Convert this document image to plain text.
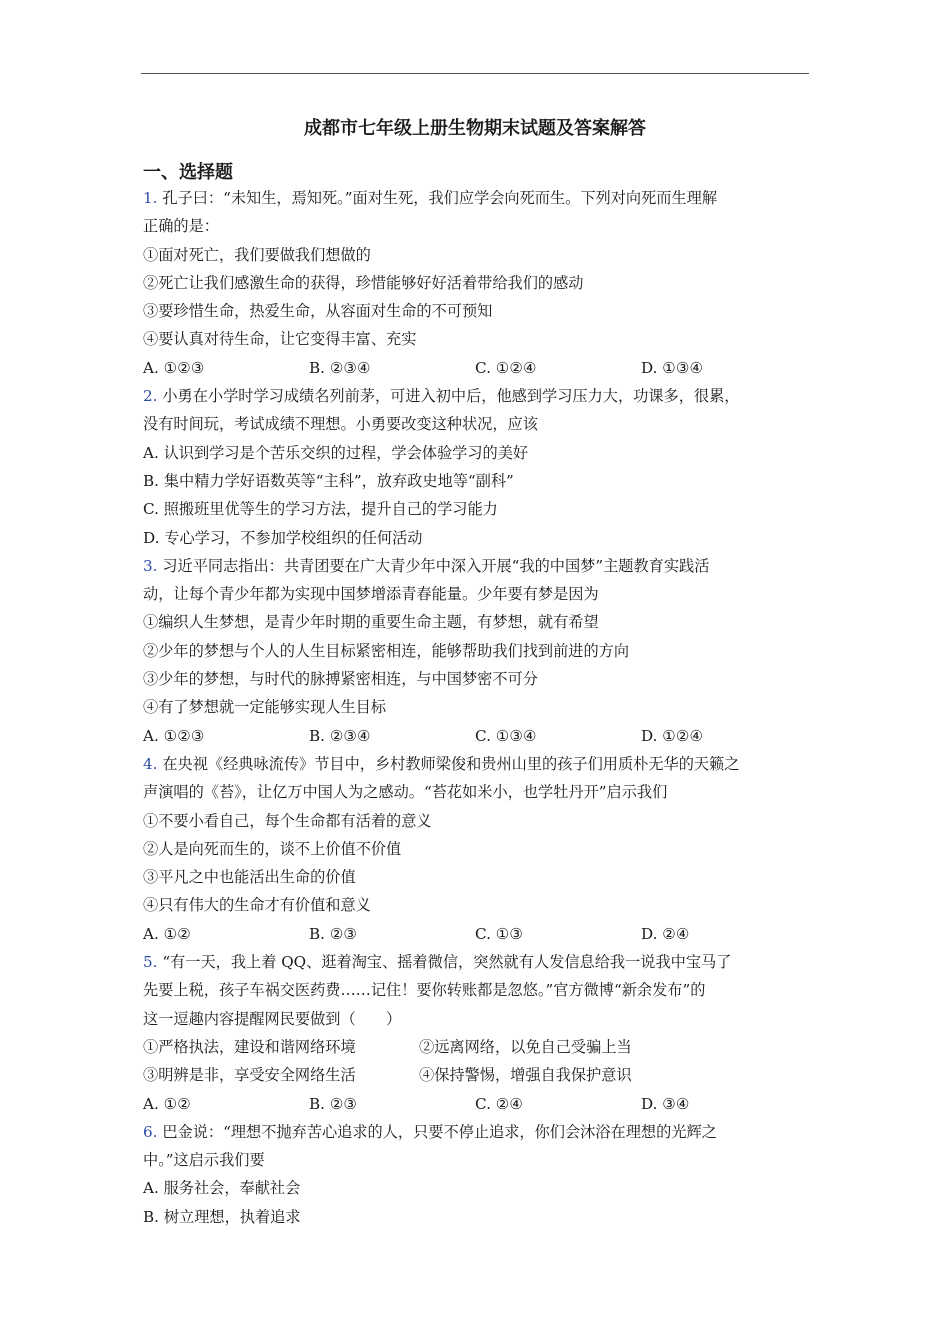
成都市七年级上册生物期末试题及答案解答
一、选择题
1. 孔子曰：“未知生，焉知死。”面对生死，我们应学会向死而生。下列对向死而生理解
正确的是：
①面对死亡，我们要做我们想做的
②死亡让我们感激生命的获得，珍惜能够好好活着带给我们的感动
③要珍惜生命，热爱生命，从容面对生命的不可预知
④要认真对待生命，让它变得丰富、充实
A. ①②③	B. ②③④	C. ①②④	D. ①③④
2. 小勇在小学时学习成绩名列前茅，可进入初中后，他感到学习压力大，功课多，很累，
没有时间玩，考试成绩不理想。小勇要改变这种状况，应该
A. 认识到学习是个苦乐交织的过程，学会体验学习的美好
B. 集中精力学好语数英等“主科”，放弃政史地等“副科”
C. 照搬班里优等生的学习方法，提升自己的学习能力
D. 专心学习，不参加学校组织的任何活动
3. 习近平同志指出：共青团要在广大青少年中深入开展“我的中国梦”主题教育实践活
动，让每个青少年都为实现中国梦增添青春能量。少年要有梦是因为
①编织人生梦想，是青少年时期的重要生命主题，有梦想，就有希望
②少年的梦想与个人的人生目标紧密相连，能够帮助我们找到前进的方向
③少年的梦想，与时代的脉搏紧密相连，与中国梦密不可分
④有了梦想就一定能够实现人生目标
A. ①②③	B. ②③④	C. ①③④	D. ①②④
4. 在央视《经典咏流传》节目中，乡村教师梁俊和贵州山里的孩子们用质朴无华的天籁之
声演唱的《苔》，让亿万中国人为之感动。“苔花如米小，也学牡丹开”启示我们
①不要小看自己，每个生命都有活着的意义
②人是向死而生的，谈不上价值不价值
③平凡之中也能活出生命的价值
④只有伟大的生命才有价值和意义
A. ①②	B. ②③	C. ①③	D. ②④
5. “有一天，我上着 QQ、逛着淘宝、摇着微信，突然就有人发信息给我一说我中宝马了
先要上税，孩子车祸交医药费……记住！要你转账都是忽悠。”官方微博“新余发布”的
这一逗趣内容提醒网民要做到（　　）
①严格执法，建设和谐网络环境	②远离网络，以免自己受骗上当
③明辨是非，享受安全网络生活	④保持警惕，增强自我保护意识
A. ①②	B. ②③	C. ②④	D. ③④
6. 巴金说：“理想不抛弃苦心追求的人，只要不停止追求，你们会沐浴在理想的光辉之
中。”这启示我们要
A. 服务社会，奉献社会
B. 树立理想，执着追求
